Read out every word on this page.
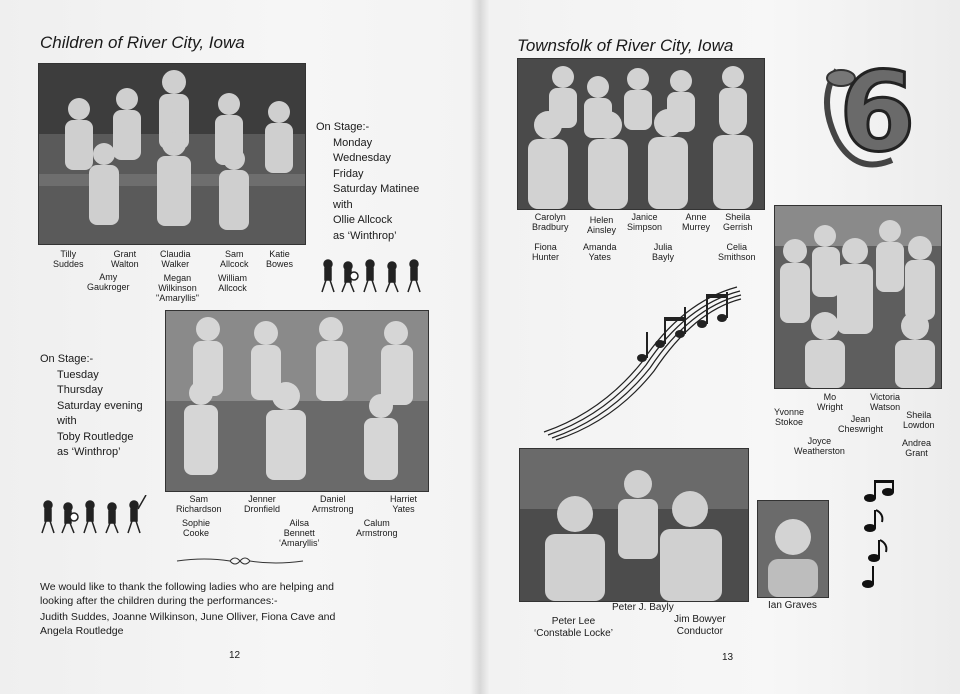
Children of River City, Iowa
Tilly
Suddes
Grant
Walton
Amy
Gaukroger
Claudia
Walker
Megan
Wilkinson
"Amaryllis"
Sam
Allcock
William
Allcock
Katie
Bowes
On Stage:-
Monday
Wednesday
Friday
Saturday Matinee
with
Ollie Allcock
as ‘Winthrop’
On Stage:-
Tuesday
Thursday
Saturday evening
with
Toby Routledge
as ‘Winthrop’
Sam
Richardson
Sophie
Cooke
Jenner
Dronfield
Ailsa
Bennett
‘Amaryllis’
Daniel
Armstrong
Calum
Armstrong
Harriet
Yates
We would like to thank the following ladies who are helping and looking after the children during the performances:-
Judith Suddes, Joanne Wilkinson, June Olliver, Fiona Cave and Angela Routledge
12
Townsfolk of River City, Iowa
Carolyn
Bradbury
Fiona
Hunter
Helen
Ainsley
Amanda
Yates
Janice
Simpson
Julia
Bayly
Anne
Murrey
Sheila
Gerrish
Celia
Smithson
6
Yvonne
Stokoe
Mo
Wright
Joyce
Weatherston
Jean
Cheswright
Victoria
Watson
Sheila
Lowdon
Andrea
Grant
Peter Lee
‘Constable Locke’
Peter J. Bayly
Jim Bowyer
Conductor
Ian Graves
13
